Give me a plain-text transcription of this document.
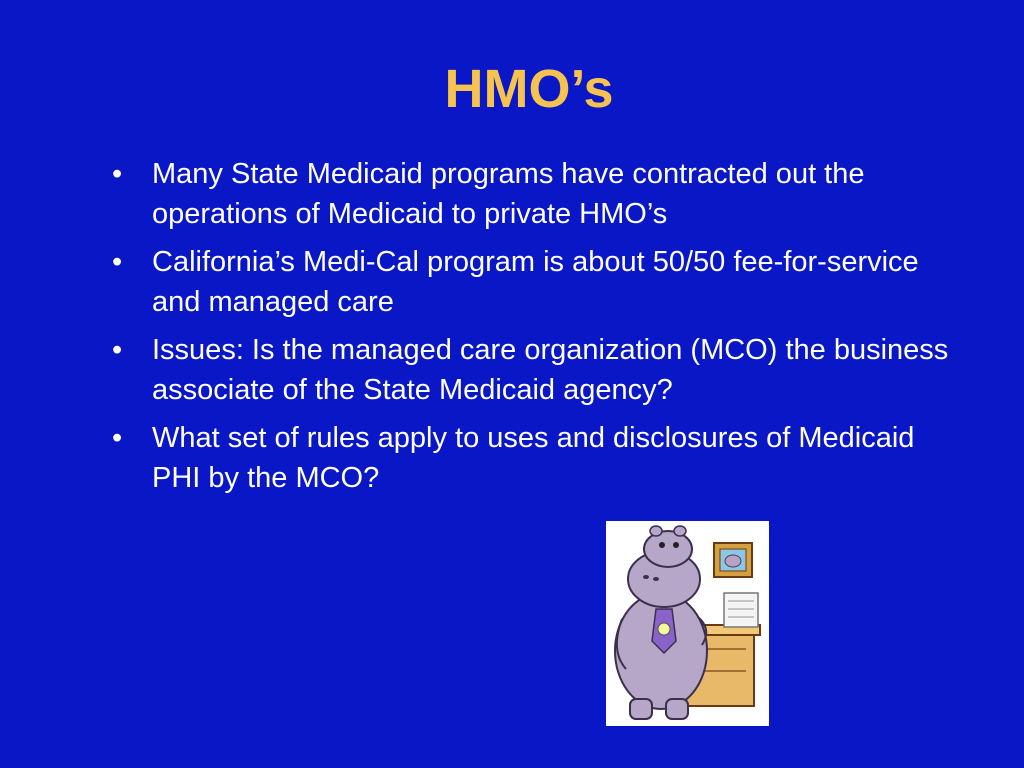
HMO’s
• Many State Medicaid programs have contracted out the operations of Medicaid to private HMO’s
• California’s Medi-Cal program is about 50/50 fee-for-service and managed care
• Issues: Is the managed care organization (MCO) the business associate of the State Medicaid agency?
• What set of rules apply to uses and disclosures of Medicaid PHI by the MCO?
